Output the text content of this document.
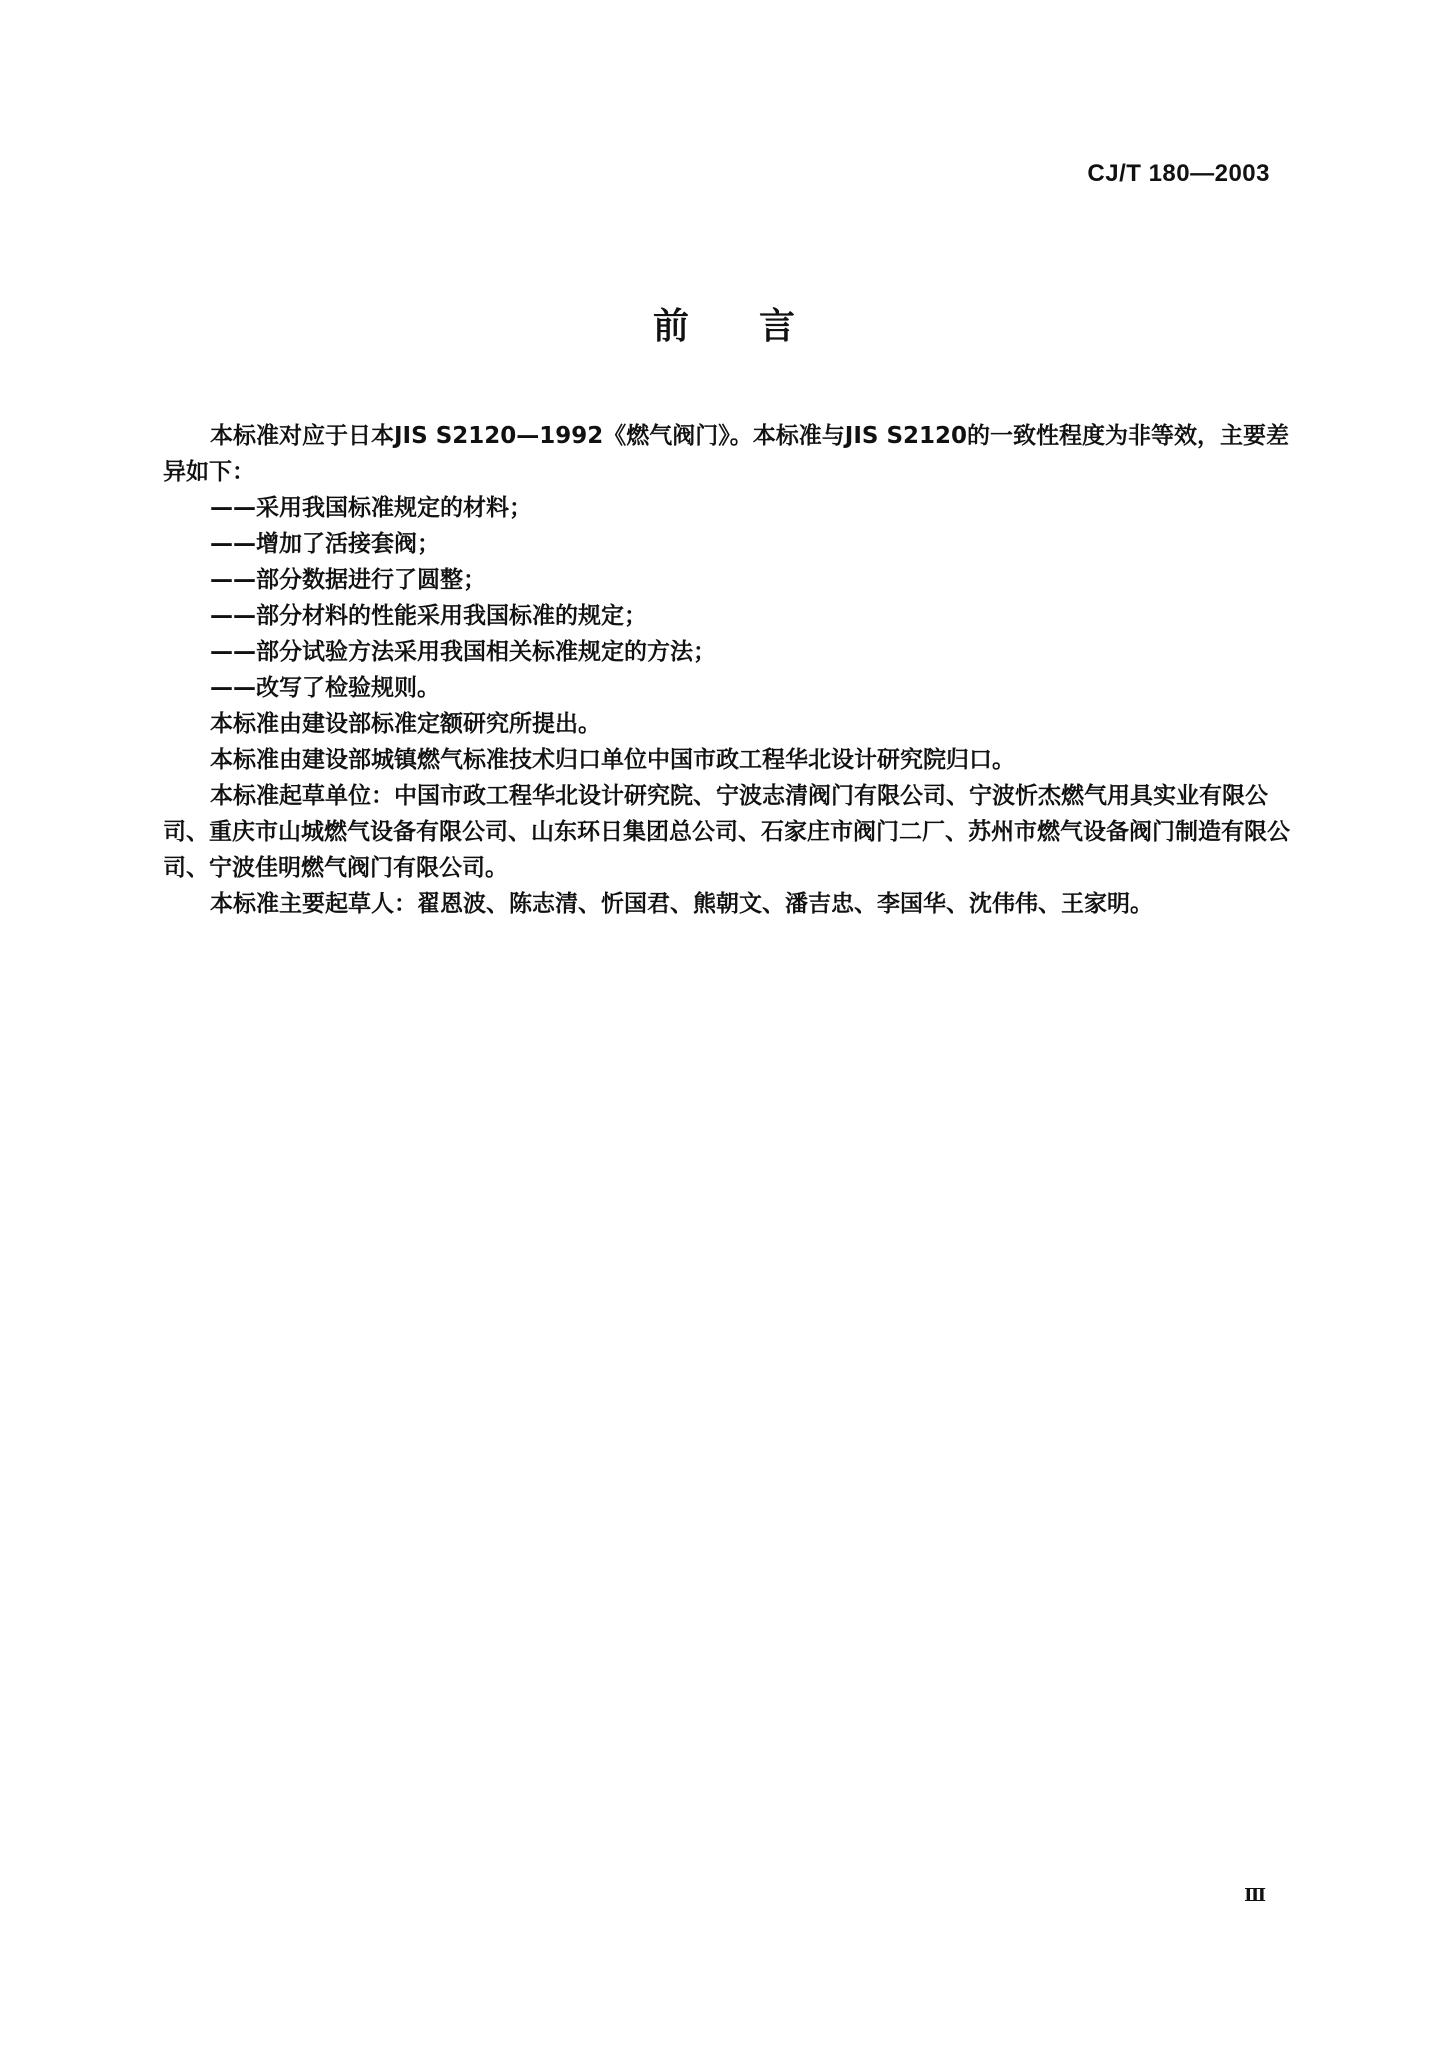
CJ/T 180—2003
前言

本标准对应于日本JIS S2120—1992《燃气阀门》。本标准与JIS S2120的一致性程度为非等效，主要差异如下：

——采用我国标准规定的材料；

——增加了活接套阀；

——部分数据进行了圆整；

——部分材料的性能采用我国标准的规定；

——部分试验方法采用我国相关标准规定的方法；

——改写了检验规则。

本标准由建设部标准定额研究所提出。

本标准由建设部城镇燃气标准技术归口单位中国市政工程华北设计研究院归口。

本标准起草单位：中国市政工程华北设计研究院、宁波志清阀门有限公司、宁波忻杰燃气用具实业有限公司、重庆市山城燃气设备有限公司、山东环日集团总公司、石家庄市阀门二厂、苏州市燃气设备阀门制造有限公司、宁波佳明燃气阀门有限公司。

本标准主要起草人：翟恩波、陈志清、忻国君、熊朝文、潘吉忠、李国华、沈伟伟、王家明。

Ⅲ
